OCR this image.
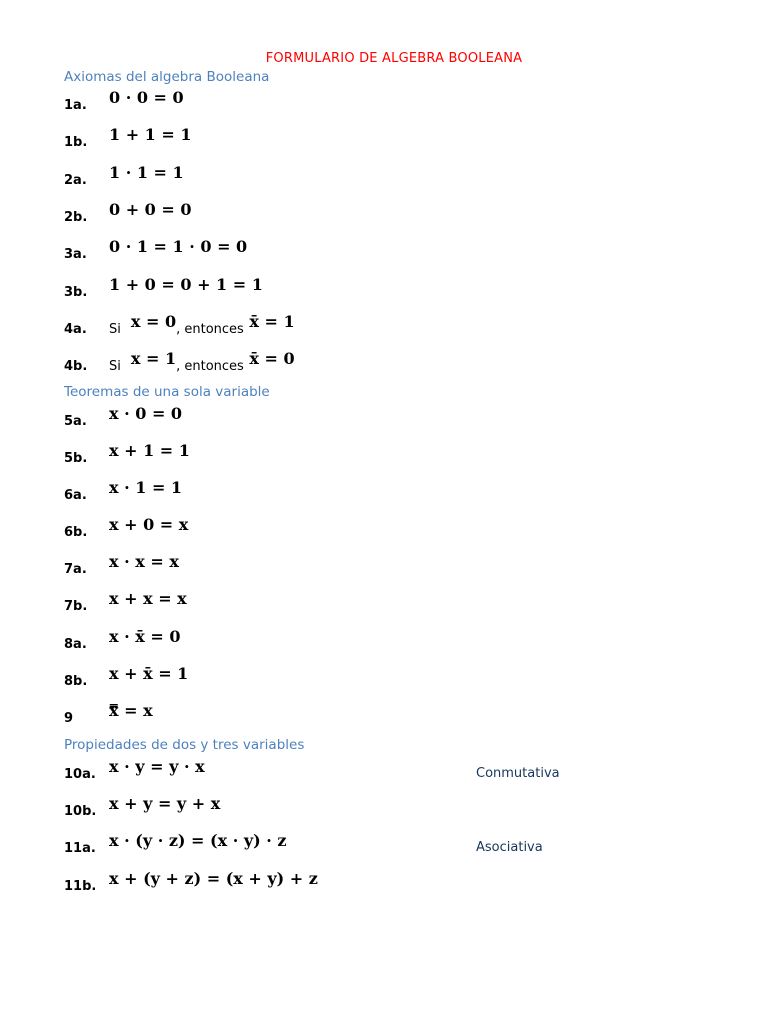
FORMULARIO DE ALGEBRA BOOLEANA
Axiomas del algebra Booleana
1a. 0 · 0 = 0
1b. 1 + 1 = 1
2a. 1 · 1 = 1
2b. 0 + 0 = 0
3a. 0 · 1 = 1 · 0 = 0
3b. 1 + 0 = 0 + 1 = 1
4a. $_{Si}$ $x = 0_{, entonces}$ x̄ = 1
4b. $_{Si}$ $x = 1_{, entonces}$ x̄ = 0
Teoremas de una sola variable
5a. x · 0 = 0
5b. x + 1 = 1
6a. x · 1 = 1
6b. x + 0 = x
7a. x · x = x
7b. x + x = x
8a. x · x̄ = 0
8b. x + x̄ = 1
9 x̿ = x
Propiedades de dos y tres variables
10a. x · y = y · x	Conmutativa
10b. x + y = y + x
11a. x · (y · z) = (x · y) · z	Asociativa
11b. x + (y + z) = (x + y) + z
